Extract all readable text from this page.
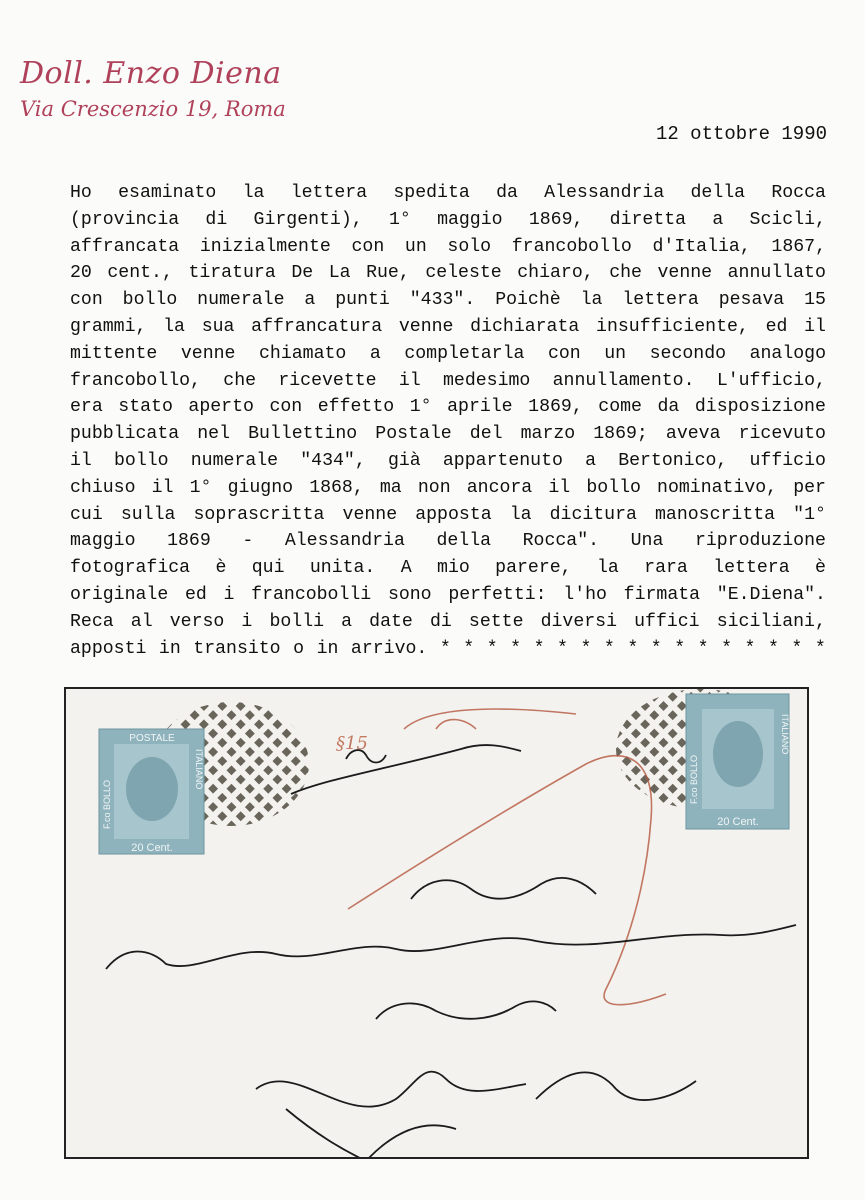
Doll. Enzo Diena
Via Crescenzio 19, Roma
12 ottobre 1990
Ho esaminato la lettera spedita da Alessandria della Rocca
(provincia di Girgenti), 1° maggio 1869, diretta a Scicli,
affrancata inizialmente con un solo francobollo d'Italia, 1867,
20 cent., tiratura De La Rue, celeste chiaro, che venne annullato
con bollo numerale a punti "433". Poichè la lettera pesava 15
grammi, la sua affrancatura venne dichiarata insufficiente, ed il
mittente venne chiamato a completarla con un secondo analogo
francobollo, che ricevette il medesimo annullamento. L'ufficio,
era stato aperto con effetto 1° aprile 1869, come da disposizione
pubblicata nel Bullettino Postale del marzo 1869; aveva ricevuto
il bollo numerale "434", già appartenuto a Bertonico, ufficio
chiuso il 1° giugno 1868, ma non ancora il bollo nominativo, per
cui sulla soprascritta venne apposta la dicitura manoscritta "1°
maggio 1869 - Alessandria della Rocca". Una riproduzione
fotografica è qui unita. A mio parere, la rara lettera è
originale ed i francobolli sono perfetti: l'ho firmata "E.Diena".
Reca al verso i bolli a date di sette diversi uffici siciliani,
apposti in transito o in arrivo. * * * * * * * * * * * * * * * * *
POSTALE
20 Cent.
F.co BOLLO
ITALIANO
20 Cent.
F.co BOLLO
ITALIANO
§15
